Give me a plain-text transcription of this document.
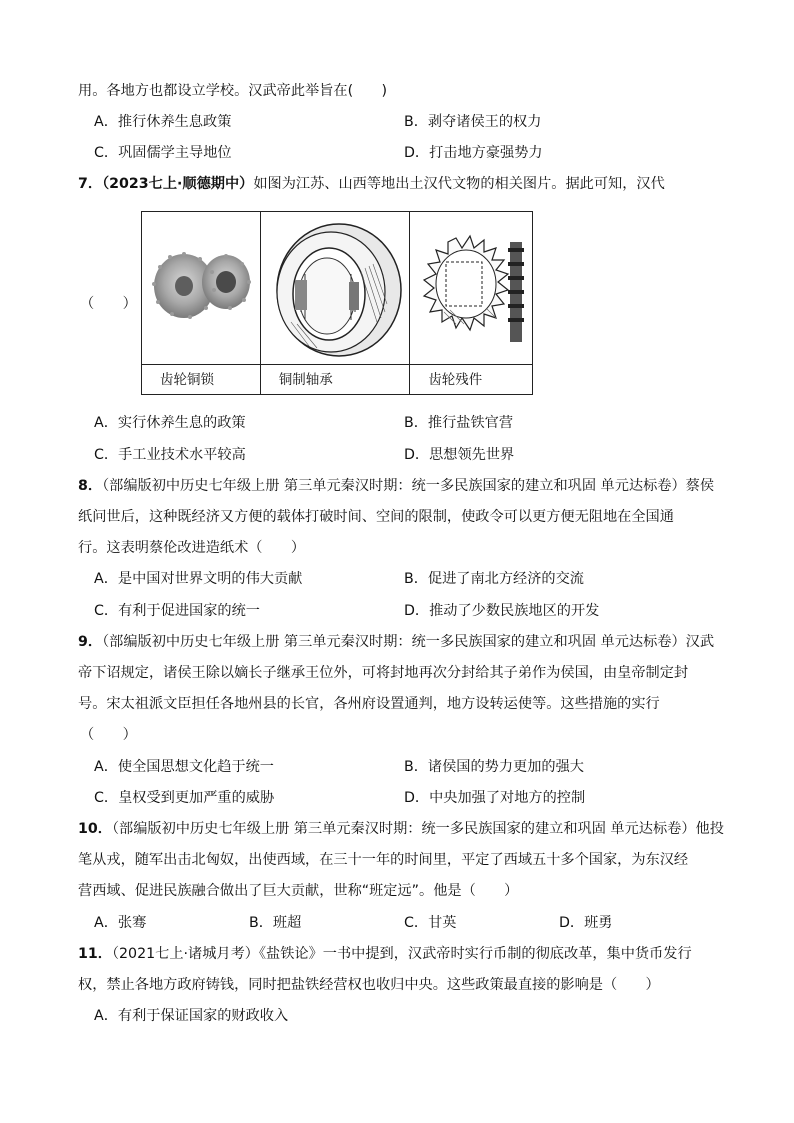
用。各地方也都设立学校。汉武帝此举旨在(　　)
A．推行休养生息政策	B．剥夺诸侯王的权力
C．巩固儒学主导地位	D．打击地方豪强势力
7．（2023七上·顺德期中）如图为江苏、山西等地出土汉代文物的相关图片。据此可知，汉代
（　　）
齿轮铜锁	铜制轴承	齿轮残件
A．实行休养生息的政策	B．推行盐铁官营
C．手工业技术水平较高	D．思想领先世界
8．（部编版初中历史七年级上册 第三单元秦汉时期：统一多民族国家的建立和巩固 单元达标卷）蔡侯
纸问世后，这种既经济又方便的载体打破时间、空间的限制，使政令可以更方便无阻地在全国通
行。这表明蔡伦改进造纸术（　　）
A．是中国对世界文明的伟大贡献	B．促进了南北方经济的交流
C．有利于促进国家的统一	D．推动了少数民族地区的开发
9．（部编版初中历史七年级上册 第三单元秦汉时期：统一多民族国家的建立和巩固 单元达标卷）汉武
帝下诏规定，诸侯王除以嫡长子继承王位外，可将封地再次分封给其子弟作为侯国，由皇帝制定封
号。宋太祖派文臣担任各地州县的长官，各州府设置通判，地方设转运使等。这些措施的实行
（　　）
A．使全国思想文化趋于统一	B．诸侯国的势力更加的强大
C．皇权受到更加严重的威胁	D．中央加强了对地方的控制
10．（部编版初中历史七年级上册 第三单元秦汉时期：统一多民族国家的建立和巩固 单元达标卷）他投
笔从戎，随军出击北匈奴，出使西域，在三十一年的时间里，平定了西域五十多个国家，为东汉经
营西域、促进民族融合做出了巨大贡献，世称“班定远”。他是（　　）
A．张骞	B．班超	C．甘英	D．班勇
11．（2021七上·诸城月考）《盐铁论》一书中提到，汉武帝时实行币制的彻底改革，集中货币发行
权，禁止各地方政府铸钱，同时把盐铁经营权也收归中央。这些政策最直接的影响是（　　）
A．有利于保证国家的财政收入
